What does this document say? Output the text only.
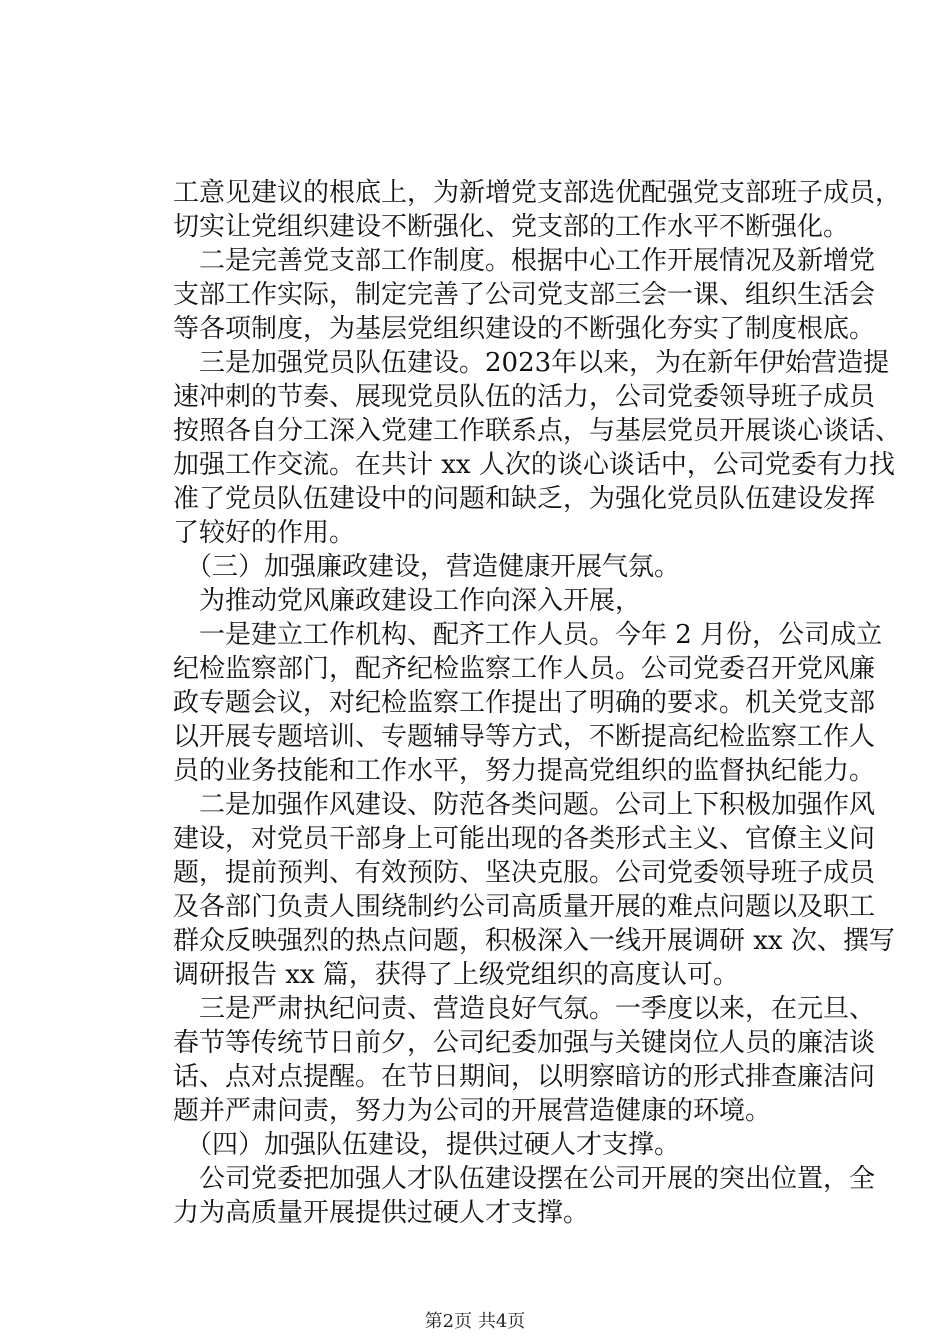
工意见建议的根底上，为新增党支部选优配强党支部班子成员，
切实让党组织建设不断强化、党支部的工作水平不断强化。
　二是完善党支部工作制度。根据中心工作开展情况及新增党
支部工作实际，制定完善了公司党支部三会一课、组织生活会
等各项制度，为基层党组织建设的不断强化夯实了制度根底。
　三是加强党员队伍建设。2023年以来，为在新年伊始营造提
速冲刺的节奏、展现党员队伍的活力，公司党委领导班子成员
按照各自分工深入党建工作联系点，与基层党员开展谈心谈话、
加强工作交流。在共计 xx 人次的谈心谈话中，公司党委有力找
准了党员队伍建设中的问题和缺乏，为强化党员队伍建设发挥
了较好的作用。
　（三）加强廉政建设，营造健康开展气氛。
　为推动党风廉政建设工作向深入开展，
　一是建立工作机构、配齐工作人员。今年 2 月份，公司成立
纪检监察部门，配齐纪检监察工作人员。公司党委召开党风廉
政专题会议，对纪检监察工作提出了明确的要求。机关党支部
以开展专题培训、专题辅导等方式，不断提高纪检监察工作人
员的业务技能和工作水平，努力提高党组织的监督执纪能力。
　二是加强作风建设、防范各类问题。公司上下积极加强作风
建设，对党员干部身上可能出现的各类形式主义、官僚主义问
题，提前预判、有效预防、坚决克服。公司党委领导班子成员
及各部门负责人围绕制约公司高质量开展的难点问题以及职工
群众反映强烈的热点问题，积极深入一线开展调研 xx 次、撰写
调研报告 xx 篇，获得了上级党组织的高度认可。
　三是严肃执纪问责、营造良好气氛。一季度以来，在元旦、
春节等传统节日前夕，公司纪委加强与关键岗位人员的廉洁谈
话、点对点提醒。在节日期间，以明察暗访的形式排查廉洁问
题并严肃问责，努力为公司的开展营造健康的环境。
　（四）加强队伍建设，提供过硬人才支撑。
　公司党委把加强人才队伍建设摆在公司开展的突出位置，全
力为高质量开展提供过硬人才支撑。
第2页 共4页
